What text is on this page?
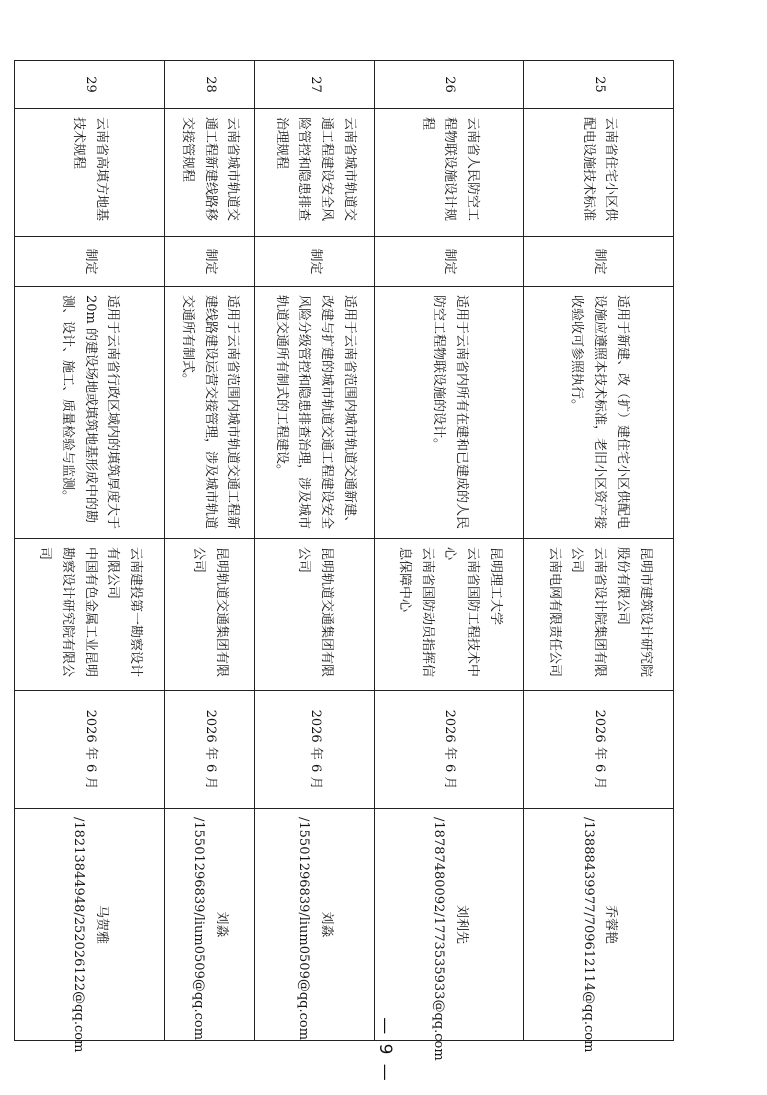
25	云南省住宅小区供配电设施技术标准	制定	适用于新建、改（扩）建住宅小区供配电设施应遵照本技术标准，老旧小区资产接收验收可参照执行。	昆明市建筑设计研究院股份有限公司
云南省设计院集团有限公司
云南电网有限责任公司	2026 年 6 月	乔蓉艳 /13888439977/709612114@qq.com
26	云南省人民防空工程物联设施设计规程	制定	适用于云南省内所有在建和已建成的人民防空工程物联设施的设计。	昆明理工大学
云南省国防工程技术中心
云南省国防动员指挥信息保障中心	2026 年 6 月	刘利先 /18787480092/1773535933@qq.com
27	云南省城市轨道交通工程建设安全风险管控和隐患排查治理规程	制定	适用于云南省范围内城市轨道交通新建、改建与扩建的城市轨道交通工程建设安全风险分级管控和隐患排查治理，涉及城市轨道交通所有制式的工程建设。	昆明轨道交通集团有限公司	2026 年 6 月	刘淼 /15501296839/lium0509@qq.com
28	云南省城市轨道交通工程新建线路移交接管规程	制定	适用于云南省范围内城市轨道交通工程新建线路建设运营交接管理，涉及城市轨道交通所有制式。	昆明轨道交通集团有限公司	2026 年 6 月	刘淼 /15501296839/lium0509@qq.com
29	云南省高填方地基技术规程	制定	适用于云南省行政区域内的填筑厚度大于20m 的建设场地或填筑地基形成中的勘测、设计、施工、质量检验与监测。	云南建投第一勘察设计有限公司
中国有色金属工业昆明勘察设计研究院有限公司	2026 年 6 月	马贺雅 /18213844948/252026122@qq.com	— 9 —
